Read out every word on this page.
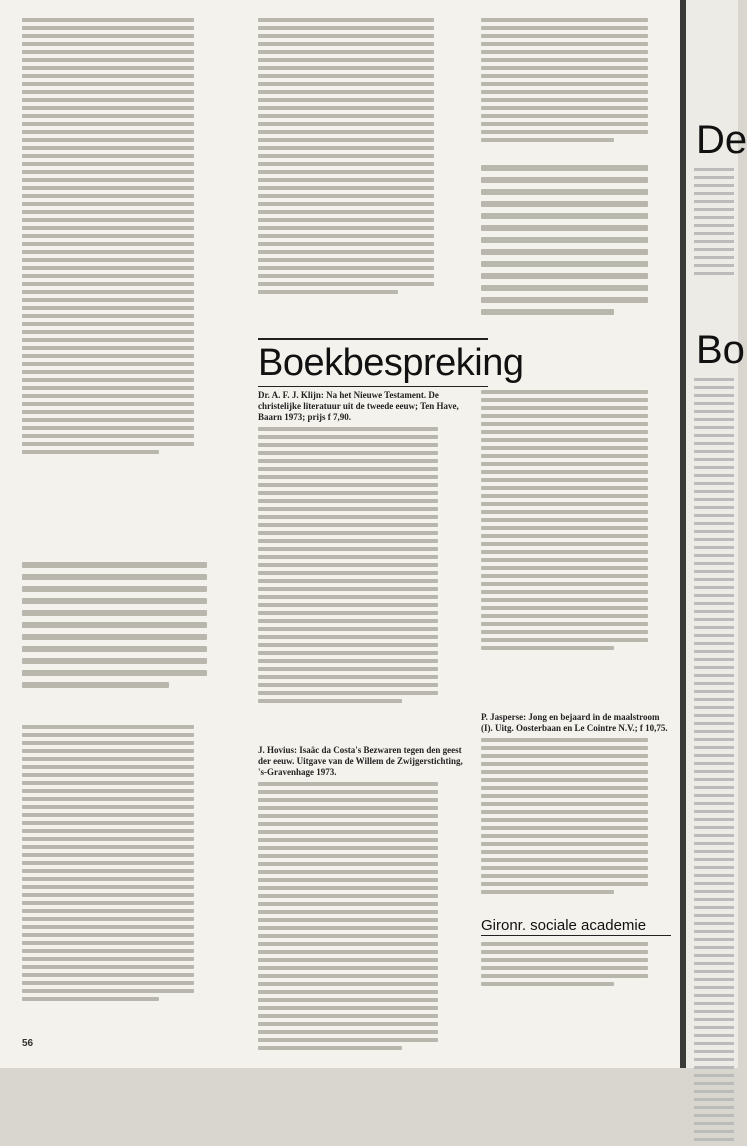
Boekbespreking
Dr. A. F. J. Klijn: Na het Nieuwe Testament. De christelijke literatuur uit de tweede eeuw; Ten Have, Baarn 1973; prijs f 7,90.
J. Hovius: Isaäc da Costa's Bezwaren tegen den geest der eeuw. Uitgave van de Willem de Zwijgerstichting, 's-Gravenhage 1973.
P. Jasperse: Jong en bejaard in de maalstroom (I). Uitg. Oosterbaan en Le Cointre N.V.; f 10,75.
Gironr. sociale academie
56
De
Bo
